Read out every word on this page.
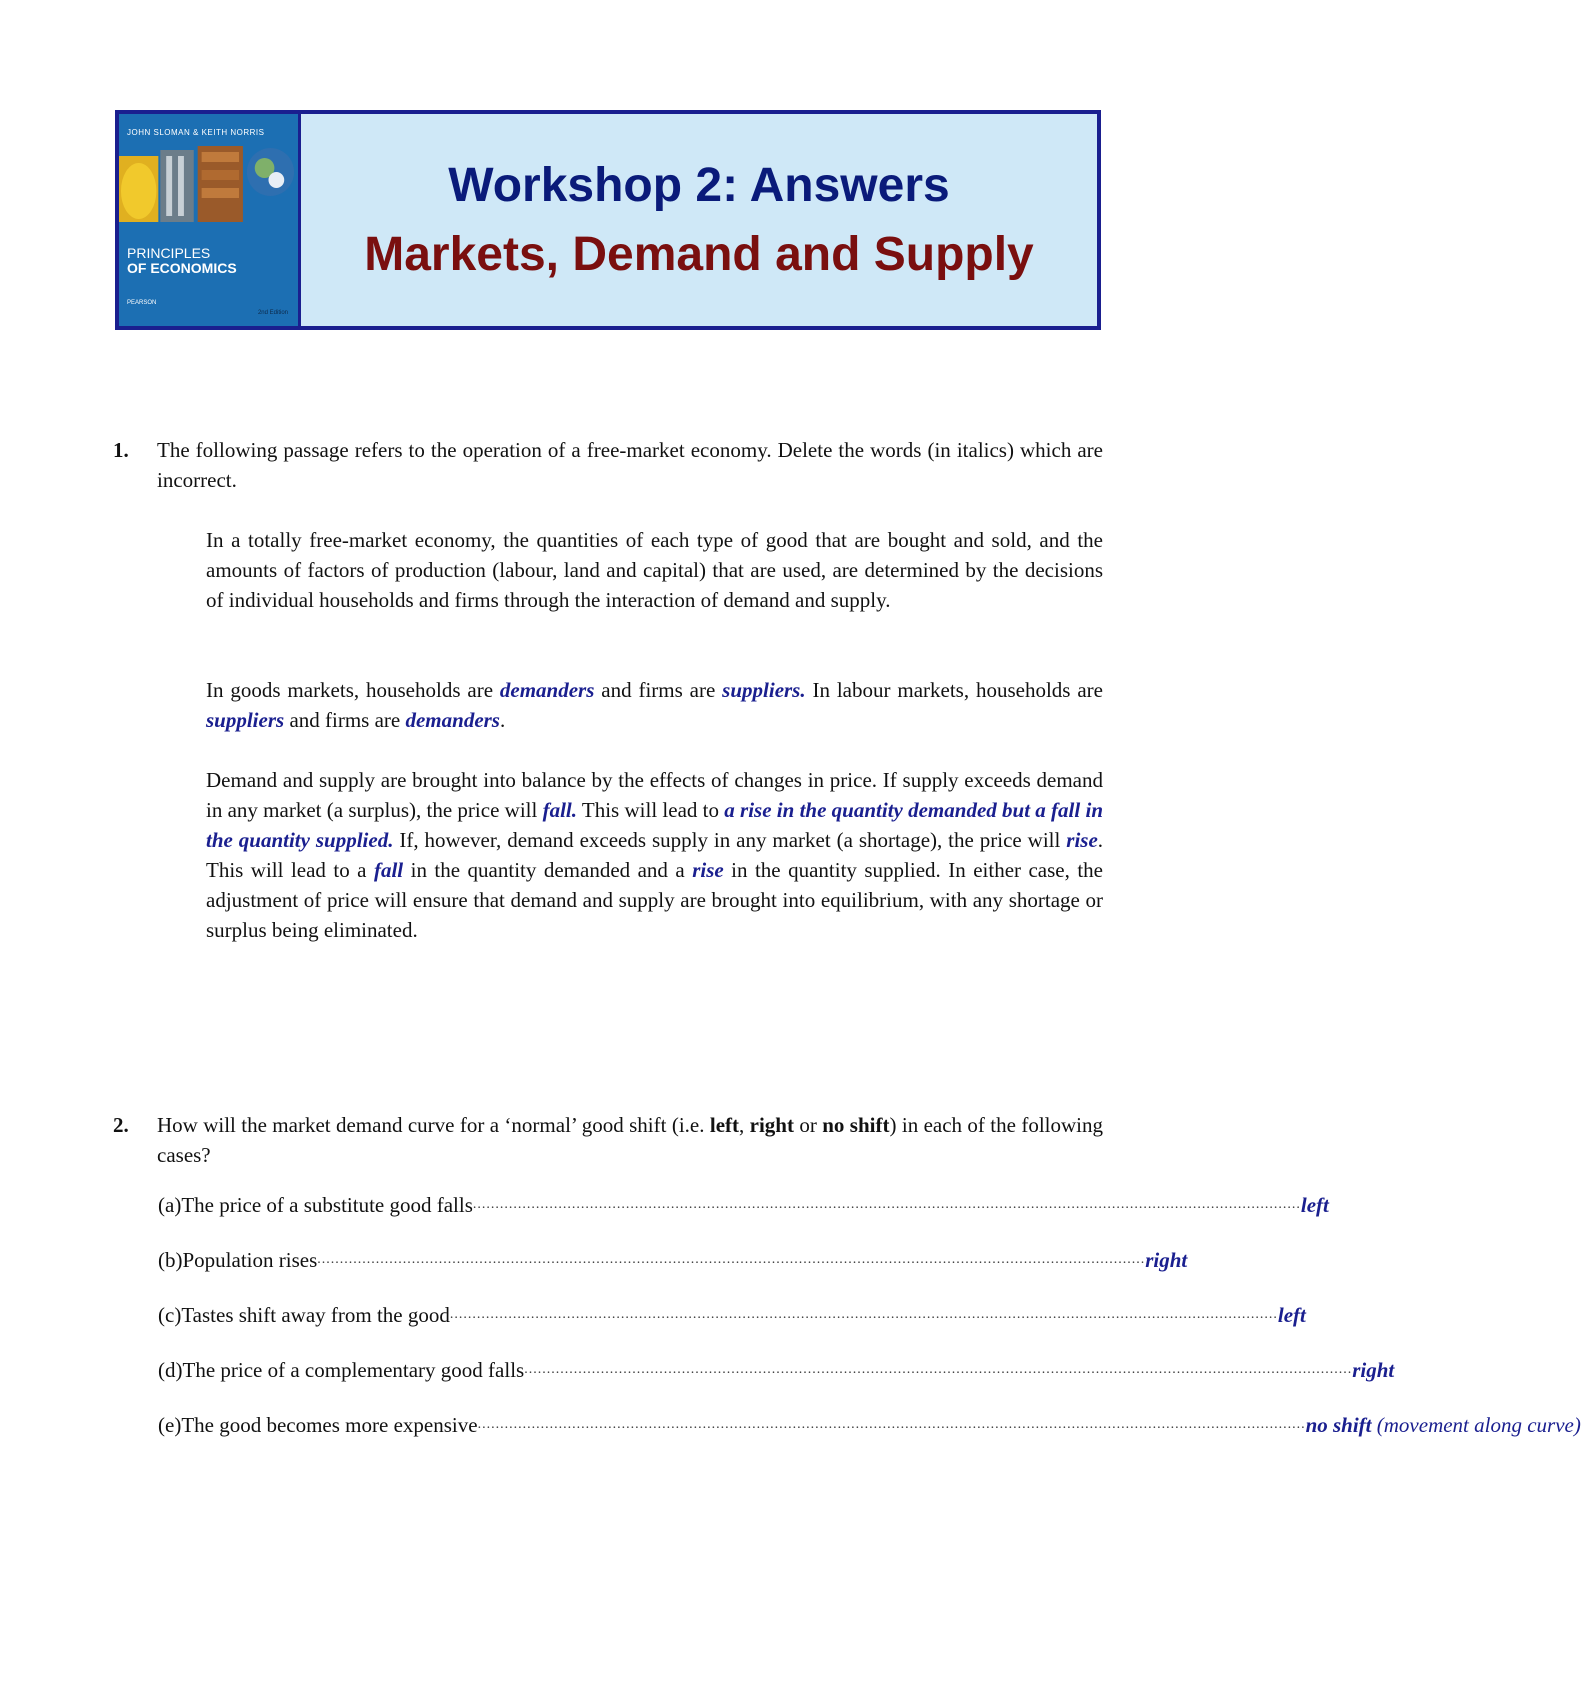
JOHN SLOMAN & KEITH NORRIS
PRINCIPLES
OF ECONOMICS
PEARSON
2nd Edition
Workshop 2: Answers
Markets, Demand and Supply
1. The following passage refers to the operation of a free-market economy. Delete the words (in italics) which are incorrect.
In a totally free-market economy, the quantities of each type of good that are bought and sold, and the amounts of factors of production (labour, land and capital) that are used, are determined by the decisions of individual households and firms through the interaction of demand and supply.
In goods markets, households are demanders and firms are suppliers. In labour markets, households are suppliers and firms are demanders.
Demand and supply are brought into balance by the effects of changes in price. If supply exceeds demand in any market (a surplus), the price will fall. This will lead to a rise in the quantity demanded but a fall in the quantity supplied. If, however, demand exceeds supply in any market (a shortage), the price will rise. This will lead to a fall in the quantity demanded and a rise in the quantity supplied. In either case, the adjustment of price will ensure that demand and supply are brought into equilibrium, with any shortage or surplus being eliminated.
2. How will the market demand curve for a ‘normal’ good shift (i.e. left, right or no shift) in each of the following cases?
(a) The price of a substitute good falls ........................................................................................................................................................................................ left
(b) Population rises ........................................................................................................................................................................................ right
(c) Tastes shift away from the good ........................................................................................................................................................................................ left
(d) The price of a complementary good falls ........................................................................................................................................................................................ right
(e) The good becomes more expensive ........................................................................................................................................................................................ no shift (movement along curve)
